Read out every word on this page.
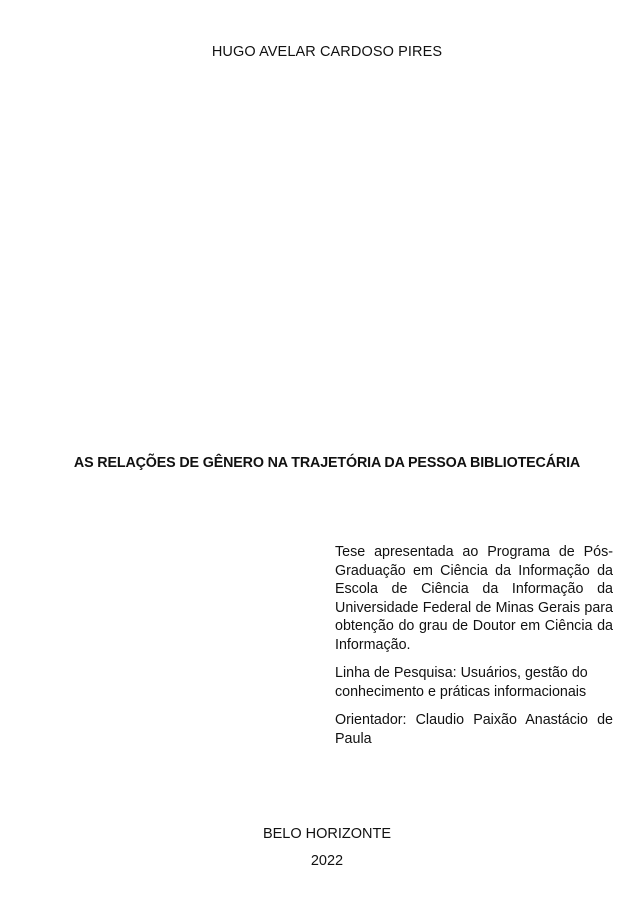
HUGO AVELAR CARDOSO PIRES
AS RELAÇÕES DE GÊNERO NA TRAJETÓRIA DA PESSOA BIBLIOTECÁRIA

Tese apresentada ao Programa de Pós-Graduação em Ciência da Informação da Escola de Ciência da Informação da Universidade Federal de Minas Gerais para obtenção do grau de Doutor em Ciência da Informação.

Linha de Pesquisa: Usuários, gestão do conhecimento e práticas informacionais

Orientador: Claudio Paixão Anastácio de Paula

BELO HORIZONTE
2022
